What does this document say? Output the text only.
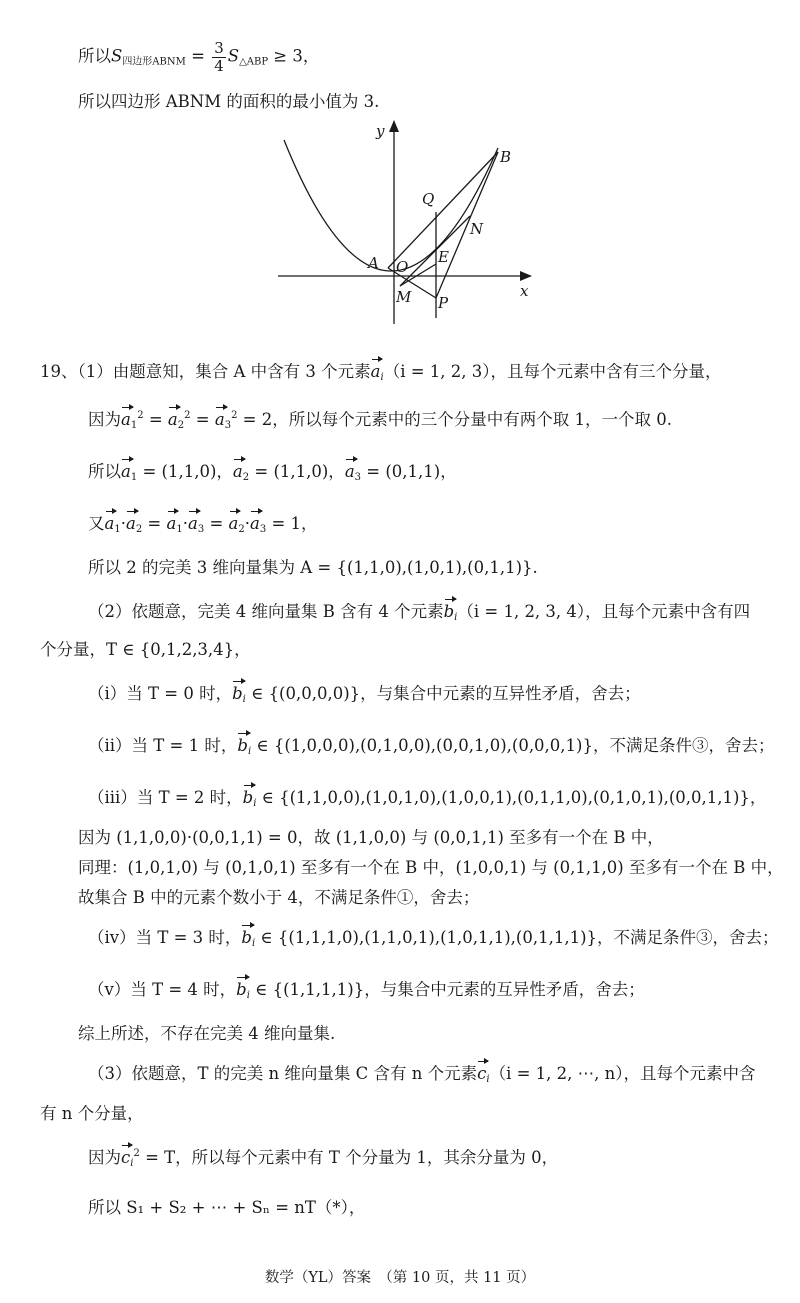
所以$S_{四边形ABNM} = \frac{3}{4} S_{\triangle ABP} \ge 3$，
所以四边形 ABNM 的面积的最小值为 3.
y
x
B
Q
N
A O
E
M P
19、（1）由题意知，集合 A 中含有 3 个元素$a_i(i = 1$, 2, 3），且每个元素中含有三个分量，
因为$a_1^2 = a_2^2 = a_3^2 = 2$，所以每个元素中的三个分量中有两个取 1，一个取 0.
所以$a_1 = (1,1,0)$，$a_2 = (1,1,0)$，$a_3 = (0,1,1)$，
又$a_1\cdot a_2 = a_1\cdot a_3 = a_2\cdot a_3 = 1$，
所以 2 的完美 3 维向量集为 A = {(1,1,0),(1,0,1),(0,1,1)}.
（2）依题意，完美 4 维向量集 B 含有 4 个元素$b_i(i = 1$, 2, 3, 4），且每个元素中含有四
个分量，T ∈ {0,1,2,3,4}，
（i）当 T = 0 时，$b_i$ ∈ {(0,0,0,0)}，与集合中元素的互异性矛盾，舍去；
（ii）当 T = 1 时，$b_i$ ∈ {(1,0,0,0),(0,1,0,0),(0,0,1,0),(0,0,0,1)}，不满足条件③，舍去；
（iii）当 T = 2 时，$b_i$ ∈ {(1,1,0,0),(1,0,1,0),(1,0,0,1),(0,1,1,0),(0,1,0,1),(0,0,1,1)}，
因为 (1,1,0,0)·(0,0,1,1) = 0，故 (1,1,0,0) 与 (0,0,1,1) 至多有一个在 B 中，
同理：(1,0,1,0) 与 (0,1,0,1) 至多有一个在 B 中，(1,0,0,1) 与 (0,1,1,0) 至多有一个在 B 中，
故集合 B 中的元素个数小于 4，不满足条件①，舍去；
（iv）当 T = 3 时，$b_i$ ∈ {(1,1,1,0),(1,1,0,1),(1,0,1,1),(0,1,1,1)}，不满足条件③，舍去；
（v）当 T = 4 时，$b_i$ ∈ {(1,1,1,1)}，与集合中元素的互异性矛盾，舍去；
综上所述，不存在完美 4 维向量集.
（3）依题意，T 的完美 n 维向量集 C 含有 n 个元素$c_i(i = 1$, 2, ⋯, n），且每个元素中含
有 n 个分量，
因为$c_i^2 = T$，所以每个元素中有 T 个分量为 1，其余分量为 0，
所以 S₁ + S₂ + ⋯ + Sₙ = nT（*），
数学（YL）答案　（第 10 页，共 11 页）
